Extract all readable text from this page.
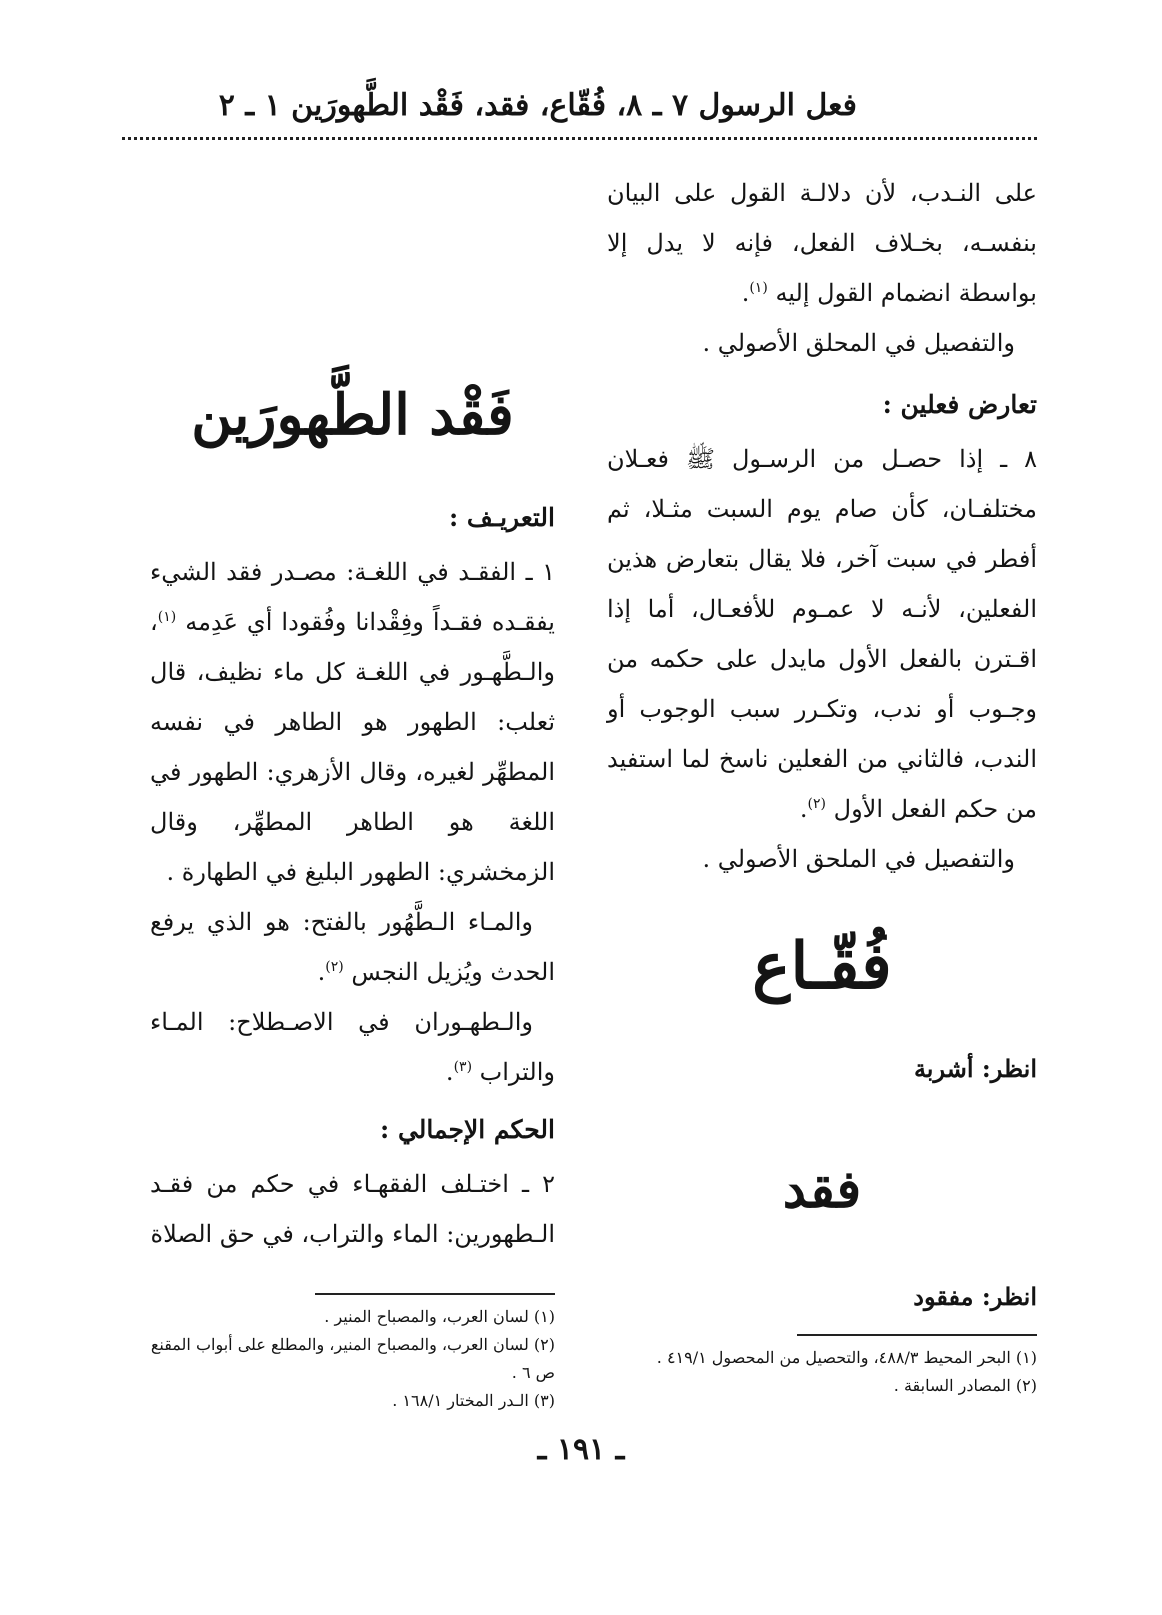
فعل الرسول ٧ ـ ٨، فُقّاع، فقد، فَقْد الطَّهورَين ١ ـ ٢

على النـدب، لأن دلالـة القول على البيان بنفسـه، بخـلاف الفعل، فإنه لا يدل إلا بواسطة انضمام القول إليه $^{(١)}$.

والتفصيل في المحلق الأصولي .

تعارض فعلين :

٨ ـ إذا حصـل من الرسـول ﷺ فعـلان مختلفـان، كأن صام يوم السبت مثـلا، ثم أفطر في سبت آخر، فلا يقال بتعارض هذين الفعلين، لأنـه لا عمـوم للأفعـال، أما إذا اقـترن بالفعل الأول مايدل على حكمه من وجـوب أو ندب، وتكـرر سبب الوجوب أو الندب، فالثاني من الفعلين ناسخ لما استفيد من حكم الفعل الأول $^{(٢)}$.

والتفصيل في الملحق الأصولي .

فُقّـاع

انظر: أشربة

فقد

انظر: مفقود

(١) البحر المحيط ٤٨٨/٣، والتحصيل من المحصول ٤١٩/١ .

(٢) المصادر السابقة .

فَقْد الطَّهورَين
التعريـف :

١ ـ الفقـد في اللغـة: مصـدر فقد الشيء يفقـده فقـداً وفِقْدانا وفُقودا أي عَدِمه $^{(١)}$، والـطَّهـور في اللغـة كل ماء نظيف، قال ثعلب: الطهور هو الطاهر في نفسه المطهِّر لغيره، وقال الأزهري: الطهور في اللغة هو الطاهر المطهِّر، وقال الزمخشري: الطهور البليغ في الطهارة .

والمـاء الـطَّهُور بالفتح: هو الذي يرفع الحدث ويُزيل النجس $^{(٢)}$.

والـطهـوران في الاصـطلاح: المـاء والتراب $^{(٣)}$.

الحكم الإجمالي :

٢ ـ اختـلف الفقهـاء في حكم من فقـد الـطهورين: الماء والتراب، في حق الصلاة

(١) لسان العرب، والمصباح المنير .

(٢) لسان العرب، والمصباح المنير، والمطلع على أبواب المقنع ص ٦ .

(٣) الـدر المختار ١٦٨/١ .

ـ ١٩١ ـ
